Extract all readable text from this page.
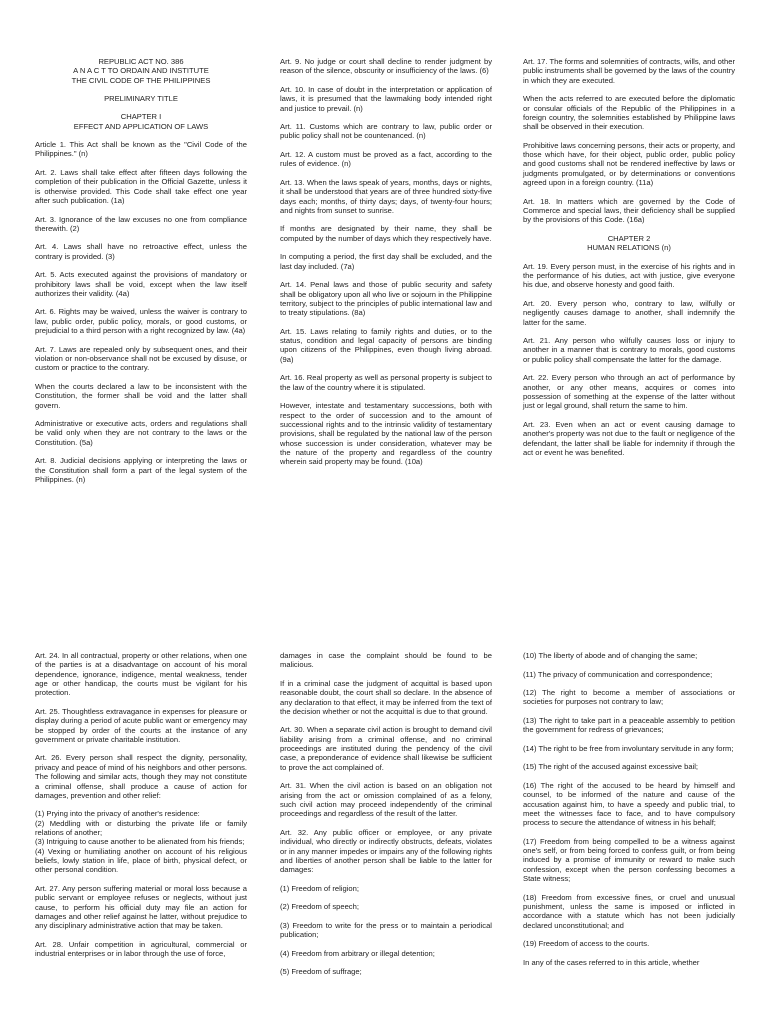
REPUBLIC ACT NO. 386
A N A C T TO ORDAIN AND INSTITUTE
THE CIVIL CODE OF THE PHILIPPINES
PRELIMINARY TITLE
CHAPTER I
EFFECT AND APPLICATION OF LAWS

Article 1. This Act shall be known as the "Civil Code of the Philippines." (n)

Art. 2. Laws shall take effect after fifteen days following the completion of their publication in the Official Gazette, unless it is otherwise provided. This Code shall take effect one year after such publication. (1a)

Art. 3. Ignorance of the law excuses no one from compliance therewith. (2)

Art. 4. Laws shall have no retroactive effect, unless the contrary is provided. (3)

Art. 5. Acts executed against the provisions of mandatory or prohibitory laws shall be void, except when the law itself authorizes their validity. (4a)

Art. 6. Rights may be waived, unless the waiver is contrary to law, public order, public policy, morals, or good customs, or prejudicial to a third person with a right recognized by law. (4a)

Art. 7. Laws are repealed only by subsequent ones, and their violation or non-observance shall not be excused by disuse, or custom or practice to the contrary.

When the courts declared a law to be inconsistent with the Constitution, the former shall be void and the latter shall govern.

Administrative or executive acts, orders and regulations shall be valid only when they are not contrary to the laws or the Constitution. (5a)

Art. 8. Judicial decisions applying or interpreting the laws or the Constitution shall form a part of the legal system of the Philippines. (n)

Art. 9. No judge or court shall decline to render judgment by reason of the silence, obscurity or insufficiency of the laws. (6)

Art. 10. In case of doubt in the interpretation or application of laws, it is presumed that the lawmaking body intended right and justice to prevail. (n)

Art. 11. Customs which are contrary to law, public order or public policy shall not be countenanced. (n)

Art. 12. A custom must be proved as a fact, according to the rules of evidence. (n)

Art. 13. When the laws speak of years, months, days or nights, it shall be understood that years are of three hundred sixty-five days each; months, of thirty days; days, of twenty-four hours; and nights from sunset to sunrise.

If months are designated by their name, they shall be computed by the number of days which they respectively have.

In computing a period, the first day shall be excluded, and the last day included. (7a)

Art. 14. Penal laws and those of public security and safety shall be obligatory upon all who live or sojourn in the Philippine territory, subject to the principles of public international law and to treaty stipulations. (8a)

Art. 15. Laws relating to family rights and duties, or to the status, condition and legal capacity of persons are binding upon citizens of the Philippines, even though living abroad. (9a)

Art. 16. Real property as well as personal property is subject to the law of the country where it is stipulated.

However, intestate and testamentary successions, both with respect to the order of succession and to the amount of successional rights and to the intrinsic validity of testamentary provisions, shall be regulated by the national law of the person whose succession is under consideration, whatever may be the nature of the property and regardless of the country wherein said property may be found. (10a)

Art. 17. The forms and solemnities of contracts, wills, and other public instruments shall be governed by the laws of the country in which they are executed.

When the acts referred to are executed before the diplomatic or consular officials of the Republic of the Philippines in a foreign country, the solemnities established by Philippine laws shall be observed in their execution.

Prohibitive laws concerning persons, their acts or property, and those which have, for their object, public order, public policy and good customs shall not be rendered ineffective by laws or judgments promulgated, or by determinations or conventions agreed upon in a foreign country. (11a)

Art. 18. In matters which are governed by the Code of Commerce and special laws, their deficiency shall be supplied by the provisions of this Code. (16a)

CHAPTER 2
HUMAN RELATIONS (n)

Art. 19. Every person must, in the exercise of his rights and in the performance of his duties, act with justice, give everyone his due, and observe honesty and good faith.

Art. 20. Every person who, contrary to law, wilfully or negligently causes damage to another, shall indemnify the latter for the same.

Art. 21. Any person who wilfully causes loss or injury to another in a manner that is contrary to morals, good customs or public policy shall compensate the latter for the damage.

Art. 22. Every person who through an act of performance by another, or any other means, acquires or comes into possession of something at the expense of the latter without just or legal ground, shall return the same to him.

Art. 23. Even when an act or event causing damage to another's property was not due to the fault or negligence of the defendant, the latter shall be liable for indemnity if through the act or event he was benefited.

Art. 24. In all contractual, property or other relations, when one of the parties is at a disadvantage on account of his moral dependence, ignorance, indigence, mental weakness, tender age or other handicap, the courts must be vigilant for his protection.

Art. 25. Thoughtless extravagance in expenses for pleasure or display during a period of acute public want or emergency may be stopped by order of the courts at the instance of any government or private charitable institution.

Art. 26. Every person shall respect the dignity, personality, privacy and peace of mind of his neighbors and other persons. The following and similar acts, though they may not constitute a criminal offense, shall produce a cause of action for damages, prevention and other relief:

(1) Prying into the privacy of another's residence:
(2) Meddling with or disturbing the private life or family relations of another;
(3) Intriguing to cause another to be alienated from his friends;
(4) Vexing or humiliating another on account of his religious beliefs, lowly station in life, place of birth, physical defect, or other personal condition.

Art. 27. Any person suffering material or moral loss because a public servant or employee refuses or neglects, without just cause, to perform his official duty may file an action for damages and other relief against he latter, without prejudice to any disciplinary administrative action that may be taken.

Art. 28. Unfair competition in agricultural, commercial or industrial enterprises or in labor through the use of force,

damages in case the complaint should be found to be malicious.

If in a criminal case the judgment of acquittal is based upon reasonable doubt, the court shall so declare. In the absence of any declaration to that effect, it may be inferred from the text of the decision whether or not the acquittal is due to that ground.

Art. 30. When a separate civil action is brought to demand civil liability arising from a criminal offense, and no criminal proceedings are instituted during the pendency of the civil case, a preponderance of evidence shall likewise be sufficient to prove the act complained of.

Art. 31. When the civil action is based on an obligation not arising from the act or omission complained of as a felony, such civil action may proceed independently of the criminal proceedings and regardless of the result of the latter.

Art. 32. Any public officer or employee, or any private individual, who directly or indirectly obstructs, defeats, violates or in any manner impedes or impairs any of the following rights and liberties of another person shall be liable to the latter for damages:

(1) Freedom of religion;

(2) Freedom of speech;

(3) Freedom to write for the press or to maintain a periodical publication;

(4) Freedom from arbitrary or illegal detention;

(5) Freedom of suffrage;

(10) The liberty of abode and of changing the same;

(11) The privacy of communication and correspondence;

(12) The right to become a member of associations or societies for purposes not contrary to law;

(13) The right to take part in a peaceable assembly to petition the government for redress of grievances;

(14) The right to be free from involuntary servitude in any form;

(15) The right of the accused against excessive bail;

(16) The right of the accused to be heard by himself and counsel, to be informed of the nature and cause of the accusation against him, to have a speedy and public trial, to meet the witnesses face to face, and to have compulsory process to secure the attendance of witness in his behalf;

(17) Freedom from being compelled to be a witness against one's self, or from being forced to confess guilt, or from being induced by a promise of immunity or reward to make such confession, except when the person confessing becomes a State witness;

(18) Freedom from excessive fines, or cruel and unusual punishment, unless the same is imposed or inflicted in accordance with a statute which has not been judicially declared unconstitutional; and

(19) Freedom of access to the courts.

In any of the cases referred to in this article, whether
